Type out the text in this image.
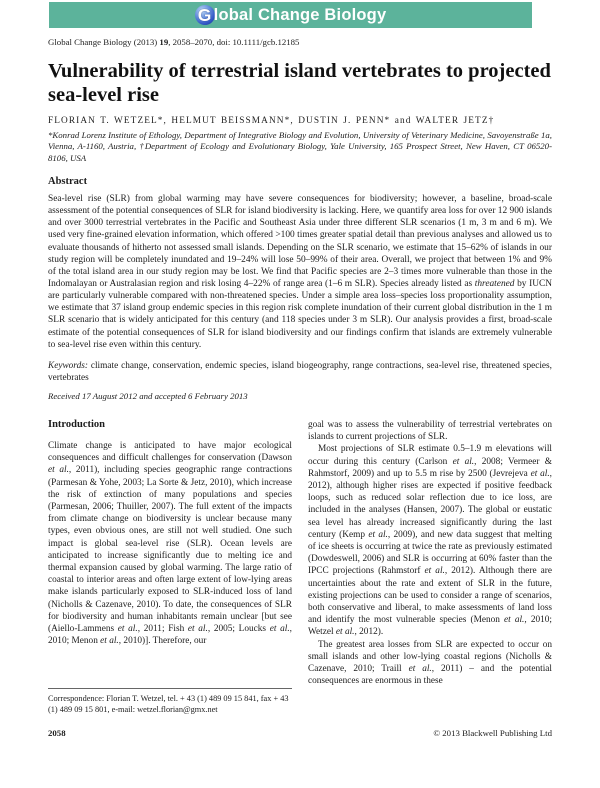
G lobal Change Biology
Global Change Biology (2013) 19, 2058–2070, doi: 10.1111/gcb.12185
Vulnerability of terrestrial island vertebrates to projected sea-level rise
FLORIAN T. WETZEL*, HELMUT BEISSMANN*, DUSTIN J. PENN* and WALTER JETZ†
*Konrad Lorenz Institute of Ethology, Department of Integrative Biology and Evolution, University of Veterinary Medicine, Savoyenstraße 1a, Vienna, A-1160, Austria, †Department of Ecology and Evolutionary Biology, Yale University, 165 Prospect Street, New Haven, CT 06520-8106, USA
Abstract

Sea-level rise (SLR) from global warming may have severe consequences for biodiversity; however, a baseline, broad-scale assessment of the potential consequences of SLR for island biodiversity is lacking. Here, we quantify area loss for over 12 900 islands and over 3000 terrestrial vertebrates in the Pacific and Southeast Asia under three different SLR scenarios (1 m, 3 m and 6 m). We used very fine-grained elevation information, which offered >100 times greater spatial detail than previous analyses and allowed us to evaluate thousands of hitherto not assessed small islands. Depending on the SLR scenario, we estimate that 15–62% of islands in our study region will be completely inundated and 19–24% will lose 50–99% of their area. Overall, we project that between 1% and 9% of the total island area in our study region may be lost. We find that Pacific species are 2–3 times more vulnerable than those in the Indomalayan or Australasian region and risk losing 4–22% of range area (1–6 m SLR). Species already listed as threatened by IUCN are particularly vulnerable compared with non-threatened species. Under a simple area loss–species loss proportionality assumption, we estimate that 37 island group endemic species in this region risk complete inundation of their current global distribution in the 1 m SLR scenario that is widely anticipated for this century (and 118 species under 3 m SLR). Our analysis provides a first, broad-scale estimate of the potential consequences of SLR for island biodiversity and our findings confirm that islands are extremely vulnerable to sea-level rise even within this century.

Keywords: climate change, conservation, endemic species, island biogeography, range contractions, sea-level rise, threatened species, vertebrates

Received 17 August 2012 and accepted 6 February 2013

Introduction

Climate change is anticipated to have major ecological consequences and difficult challenges for conservation (Dawson et al., 2011), including species geographic range contractions (Parmesan & Yohe, 2003; La Sorte & Jetz, 2010), which increase the risk of extinction of many populations and species (Parmesan, 2006; Thuiller, 2007). The full extent of the impacts from climate change on biodiversity is unclear because many types, even obvious ones, are still not well studied. One such impact is global sea-level rise (SLR). Ocean levels are anticipated to increase significantly due to melting ice and thermal expansion caused by global warming. The large ratio of coastal to interior areas and often large extent of low-lying areas make islands particularly exposed to SLR-induced loss of land (Nicholls & Cazenave, 2010). To date, the consequences of SLR for biodiversity and human inhabitants remain unclear [but see (Aiello-Lammens et al., 2011; Fish et al., 2005; Loucks et al., 2010; Menon et al., 2010)]. Therefore, our

Correspondence: Florian T. Wetzel, tel. + 43 (1) 489 09 15 841, fax + 43 (1) 489 09 15 801, e-mail: wetzel.florian@gmx.net

goal was to assess the vulnerability of terrestrial vertebrates on islands to current projections of SLR.

Most projections of SLR estimate 0.5–1.9 m elevations will occur during this century (Carlson et al., 2008; Vermeer & Rahmstorf, 2009) and up to 5.5 m rise by 2500 (Jevrejeva et al., 2012), although higher rises are expected if positive feedback loops, such as reduced solar reflection due to ice loss, are included in the analyses (Hansen, 2007). The global or eustatic sea level has already increased significantly during the last century (Kemp et al., 2009), and new data suggest that melting of ice sheets is occurring at twice the rate as previously estimated (Dowdeswell, 2006) and SLR is occurring at 60% faster than the IPCC projections (Rahmstorf et al., 2012). Although there are uncertainties about the rate and extent of SLR in the future, existing projections can be used to consider a range of scenarios, both conservative and liberal, to make assessments of land loss and identify the most vulnerable species (Menon et al., 2010; Wetzel et al., 2012).

The greatest area losses from SLR are expected to occur on small islands and other low-lying coastal regions (Nicholls & Cazenave, 2010; Traill et al., 2011) – and the potential consequences are enormous in these

2058	© 2013 Blackwell Publishing Ltd
